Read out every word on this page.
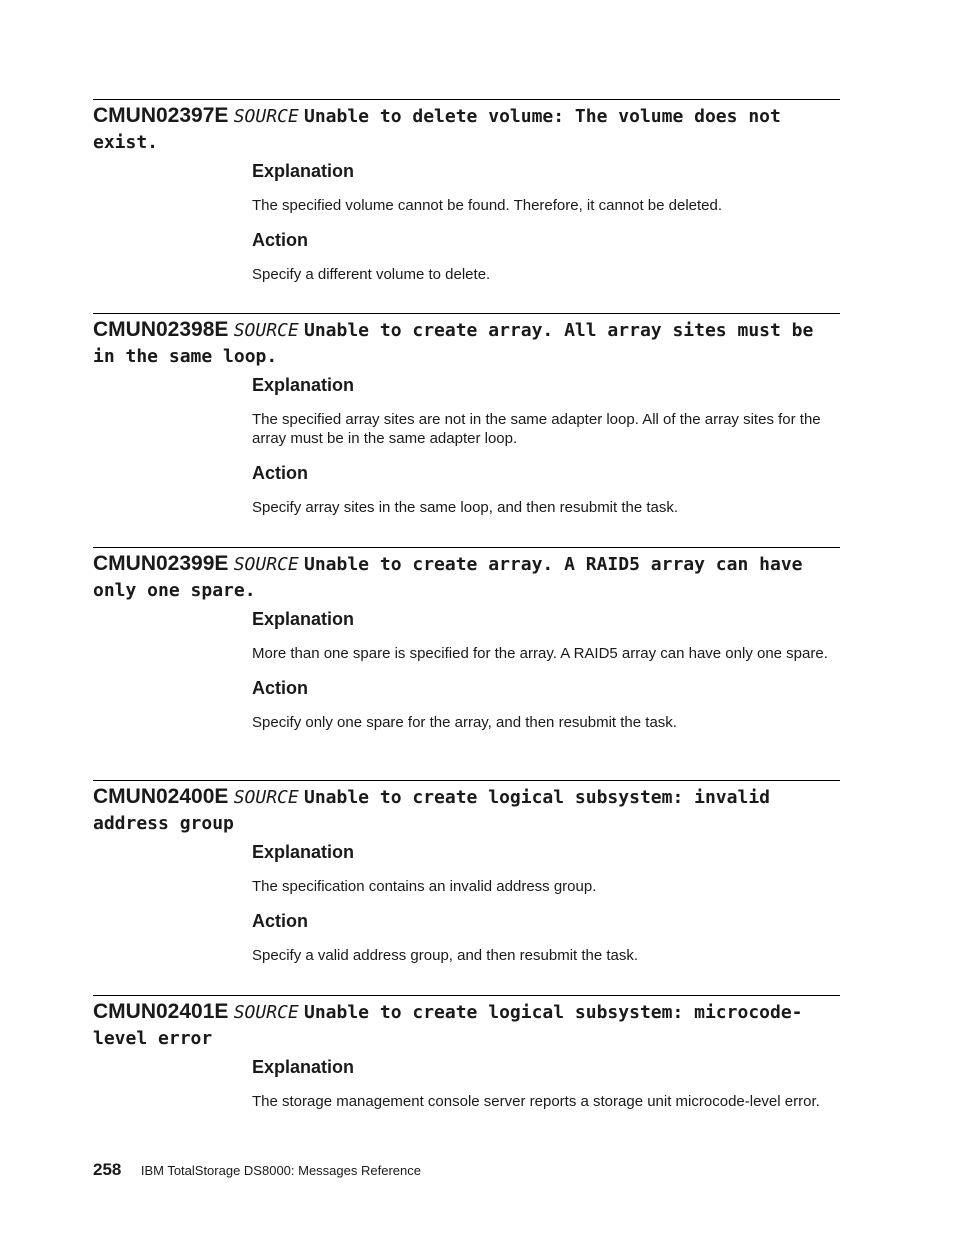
CMUN02397E SOURCE Unable to delete volume: The volume does not exist.
Explanation

The specified volume cannot be found. Therefore, it cannot be deleted.

Action

Specify a different volume to delete.

CMUN02398E SOURCE Unable to create array. All array sites must be in the same loop.
Explanation

The specified array sites are not in the same adapter loop. All of the array sites for the array must be in the same adapter loop.

Action

Specify array sites in the same loop, and then resubmit the task.

CMUN02399E SOURCE Unable to create array. A RAID5 array can have only one spare.
Explanation

More than one spare is specified for the array. A RAID5 array can have only one spare.

Action

Specify only one spare for the array, and then resubmit the task.

CMUN02400E SOURCE Unable to create logical subsystem: invalid address group
Explanation

The specification contains an invalid address group.

Action

Specify a valid address group, and then resubmit the task.

CMUN02401E SOURCE Unable to create logical subsystem: microcode-level error
Explanation

The storage management console server reports a storage unit microcode-level error.

258 IBM TotalStorage DS8000: Messages Reference
